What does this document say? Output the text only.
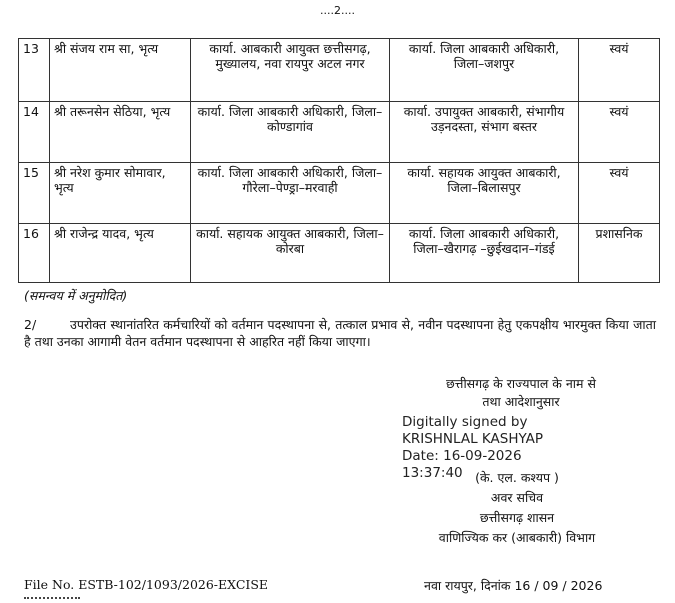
....2....
13	श्री संजय राम सा, भृत्य	कार्या. आबकारी आयुक्त छत्तीसगढ़, मुख्यालय, नवा रायपुर अटल नगर	कार्या. जिला आबकारी अधिकारी, जिला–जशपुर	स्वयं
14	श्री तरूनसेन सेठिया, भृत्य	कार्या. जिला आबकारी अधिकारी, जिला–कोण्डागांव	कार्या. उपायुक्त आबकारी, संभागीय उड़नदस्ता, संभाग बस्तर	स्वयं
15	श्री नरेश कुमार सोमावार, भृत्य	कार्या. जिला आबकारी अधिकारी, जिला–गौरेला–पेण्ड्रा–मरवाही	कार्या. सहायक आयुक्त आबकारी, जिला–बिलासपुर	स्वयं
16	श्री राजेन्द्र यादव, भृत्य	कार्या. सहायक आयुक्त आबकारी, जिला–कोरबा	कार्या. जिला आबकारी अधिकारी, जिला–खैरागढ़ –छुईखदान–गंडई	प्रशासनिक
(समन्वय में अनुमोदित)
2/	उपरोक्त स्थानांतरित कर्मचारियों को वर्तमान पदस्थापना से, तत्काल प्रभाव से, नवीन पदस्थापना हेतु एकपक्षीय भारमुक्त किया जाता है तथा उनका आगामी वेतन वर्तमान पदस्थापना से आहरित नहीं किया जाएगा।
छत्तीसगढ़ के राज्यपाल के नाम से
तथा आदेशानुसार
Digitally signed by
KRISHNLAL KASHYAP
Date: 16-09-2026
13:37:40 (के. एल. कश्यप )
अवर सचिव
छत्तीसगढ़ शासन
वाणिज्यिक कर (आबकारी) विभाग
File No. ESTB-102/1093/2026-EXCISE	नवा रायपुर, दिनांक 16 / 09 / 2026
